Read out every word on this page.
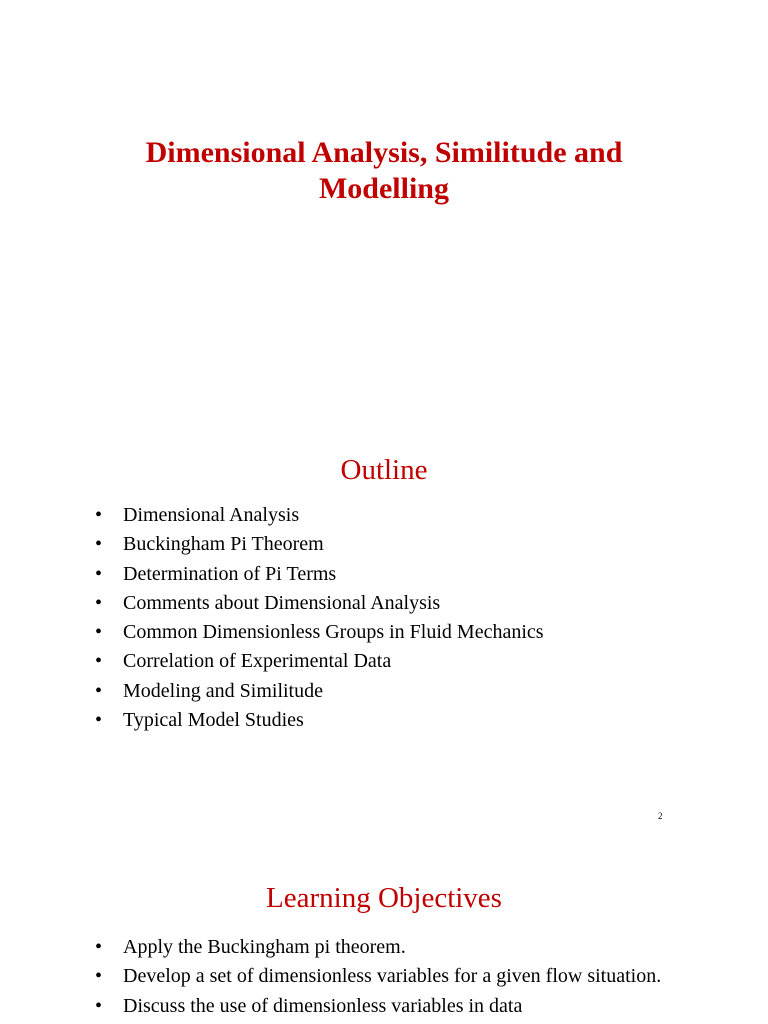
Dimensional Analysis, Similitude and Modelling
Outline
•	Dimensional Analysis
•	Buckingham Pi Theorem
•	Determination of Pi Terms
•	Comments about Dimensional Analysis
•	Common Dimensionless Groups in Fluid Mechanics
•	Correlation of Experimental Data
•	Modeling and Similitude
•	Typical Model Studies
2
Learning Objectives
•	Apply the Buckingham pi theorem.
•	Develop a set of dimensionless variables for a given flow situation.
•	Discuss the use of dimensionless variables in data
